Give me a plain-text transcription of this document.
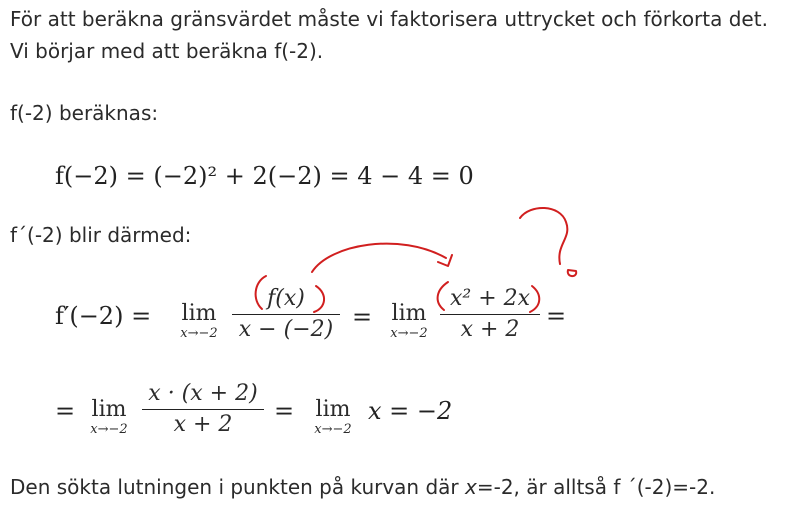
För att beräkna gränsvärdet måste vi faktorisera uttrycket och förkorta det.
Vi börjar med att beräkna f(-2).
f(-2) beräknas:
f(−2) = (−2)² + 2(−2) = 4 − 4 = 0
f´(-2) blir därmed:
f′(−2) =	lim
x→−2
f(x)
x − (−2) = lim
x→−2
x² + 2x
x + 2	=
= lim
x→−2
x · (x + 2)
x + 2	= lim
x→−2
x = −2
Den sökta lutningen i punkten på kurvan där x=-2, är alltså f ´(-2)=-2.
